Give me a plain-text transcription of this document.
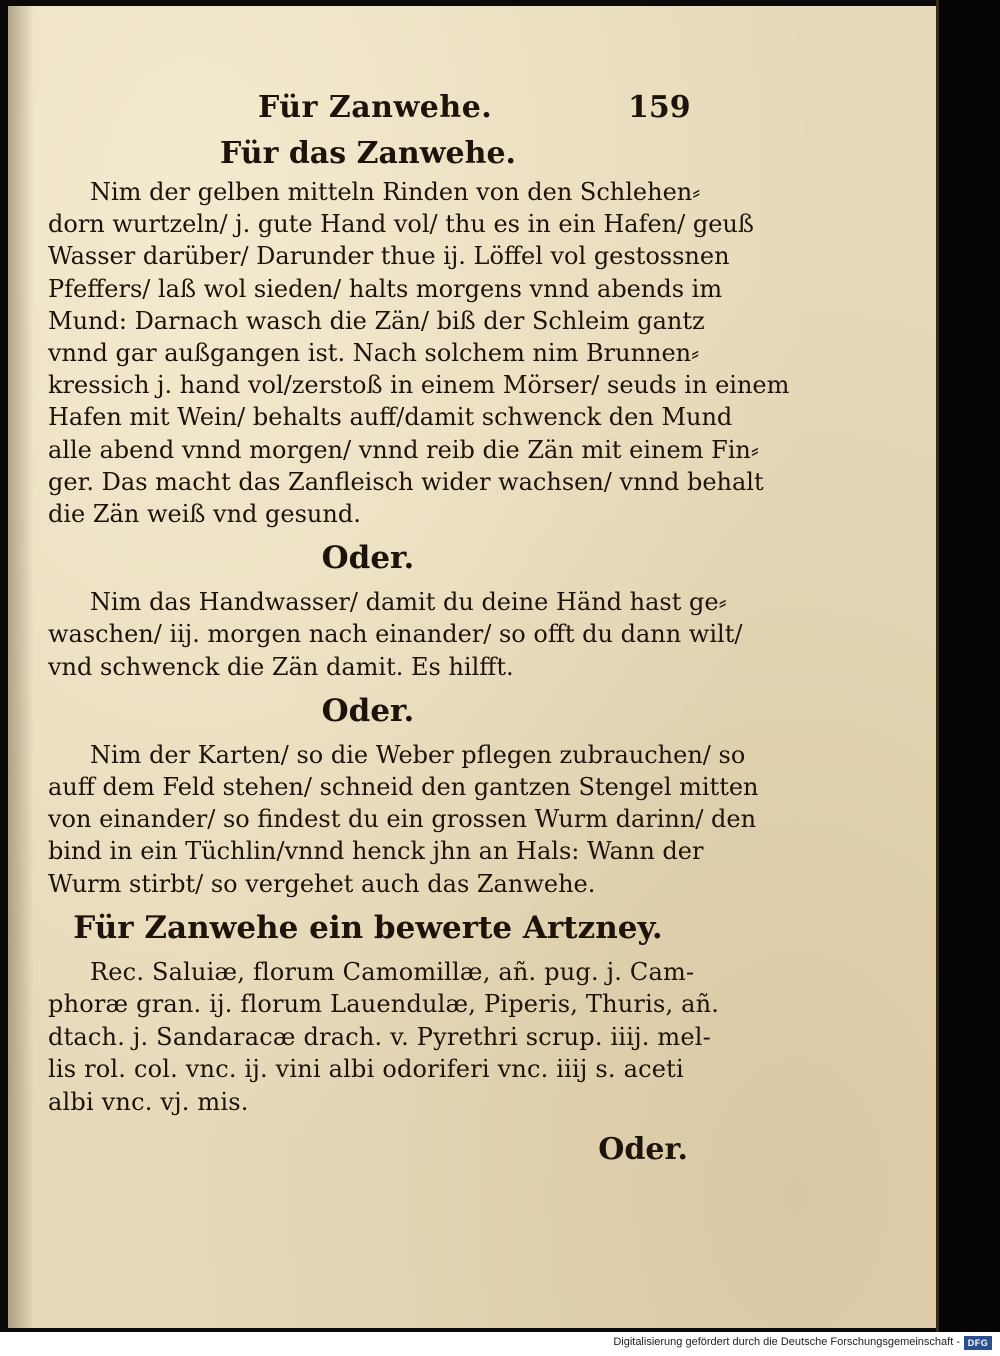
Für Zanwehe.	159
Für das Zanwehe.

Nim der gelben mitteln Rinden von den Schlehen⸗
dorn wurtzeln/ j. gute Hand vol/ thu es in ein Hafen/ geuß
Wasser darüber/ Darunder thue ij. Löffel vol gestossnen
Pfeffers/ laß wol sieden/ halts morgens vnnd abends im
Mund: Darnach wasch die Zän/ biß der Schleim gantz
vnnd gar außgangen ist. Nach solchem nim Brunnen⸗
kressich j. hand vol/zerstoß in einem Mörser/ seuds in einem
Hafen mit Wein/ behalts auff/damit schwenck den Mund
alle abend vnnd morgen/ vnnd reib die Zän mit einem Fin⸗
ger. Das macht das Zanfleisch wider wachsen/ vnnd behalt
die Zän weiß vnd gesund.

Oder.

Nim das Handwasser/ damit du deine Händ hast ge⸗
waschen/ iij. morgen nach einander/ so offt du dann wilt/
vnd schwenck die Zän damit. Es hilfft.

Oder.

Nim der Karten/ so die Weber pflegen zubrauchen/ so
auff dem Feld stehen/ schneid den gantzen Stengel mitten
von einander/ so findest du ein grossen Wurm darinn/ den
bind in ein Tüchlin/vnnd henck jhn an Hals: Wann der
Wurm stirbt/ so vergehet auch das Zanwehe.

Für Zanwehe ein bewerte Artzney.

Rec. Saluiæ, florum Camomillæ, añ. pug. j. Cam-
phoræ gran. ij. florum Lauendulæ, Piperis, Thuris, añ.
dtach. j. Sandaracæ drach. v. Pyrethri scrup. iiij. mel-
lis rol. col. vnc. ij. vini albi odoriferi vnc. iiij s. aceti
albi vnc. vj. mis.

Oder.
Digitalisierung gefördert durch die Deutsche Forschungsgemeinschaft - DFG
